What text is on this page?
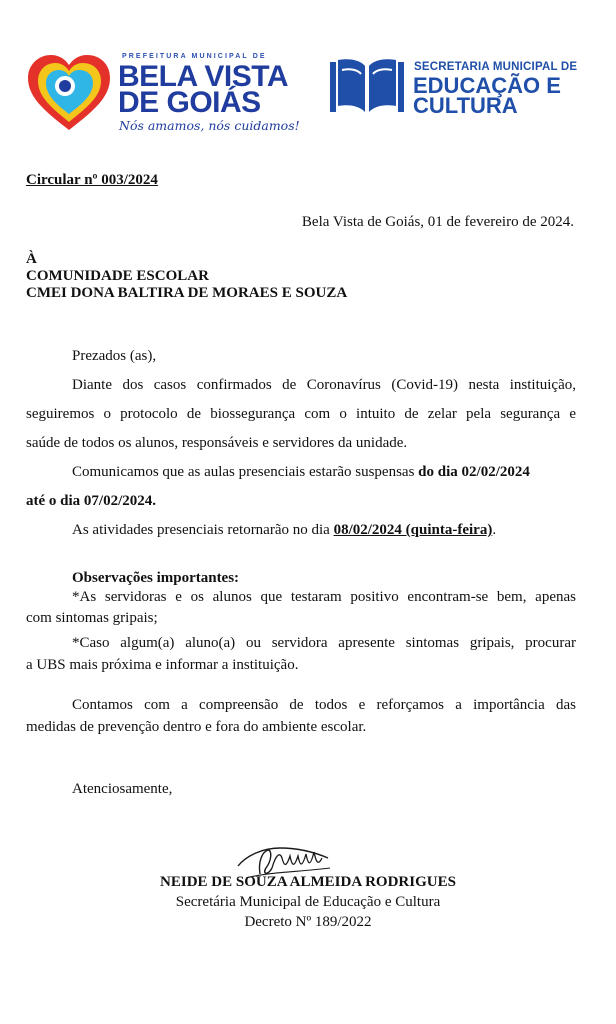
PREFEITURA MUNICIPAL DE
BELA VISTA
DE GOIÁS
Nós amamos, nós cuidamos!
SECRETARIA MUNICIPAL DE
EDUCAÇÃO E
CULTURA
Circular nº 003/2024
Bela Vista de Goiás, 01 de fevereiro de 2024.
À
COMUNIDADE ESCOLAR
CMEI DONA BALTIRA DE MORAES E SOUZA
Prezados (as),
Diante dos casos confirmados de Coronavírus (Covid-19) nesta instituição,
seguiremos o protocolo de biossegurança com o intuito de zelar pela segurança e
saúde de todos os alunos, responsáveis e servidores da unidade.
Comunicamos que as aulas presenciais estarão suspensas do dia 02/02/2024
até o dia 07/02/2024.
As atividades presenciais retornarão no dia 08/02/2024 (quinta-feira).
Observações importantes:
*As servidoras e os alunos que testaram positivo encontram-se bem, apenas
com sintomas gripais;
*Caso algum(a) aluno(a) ou servidora apresente sintomas gripais, procurar
a UBS mais próxima e informar a instituição.
Contamos com a compreensão de todos e reforçamos a importância das
medidas de prevenção dentro e fora do ambiente escolar.
Atenciosamente,
NEIDE DE SOUZA ALMEIDA RODRIGUES
Secretária Municipal de Educação e Cultura
Decreto Nº 189/2022
